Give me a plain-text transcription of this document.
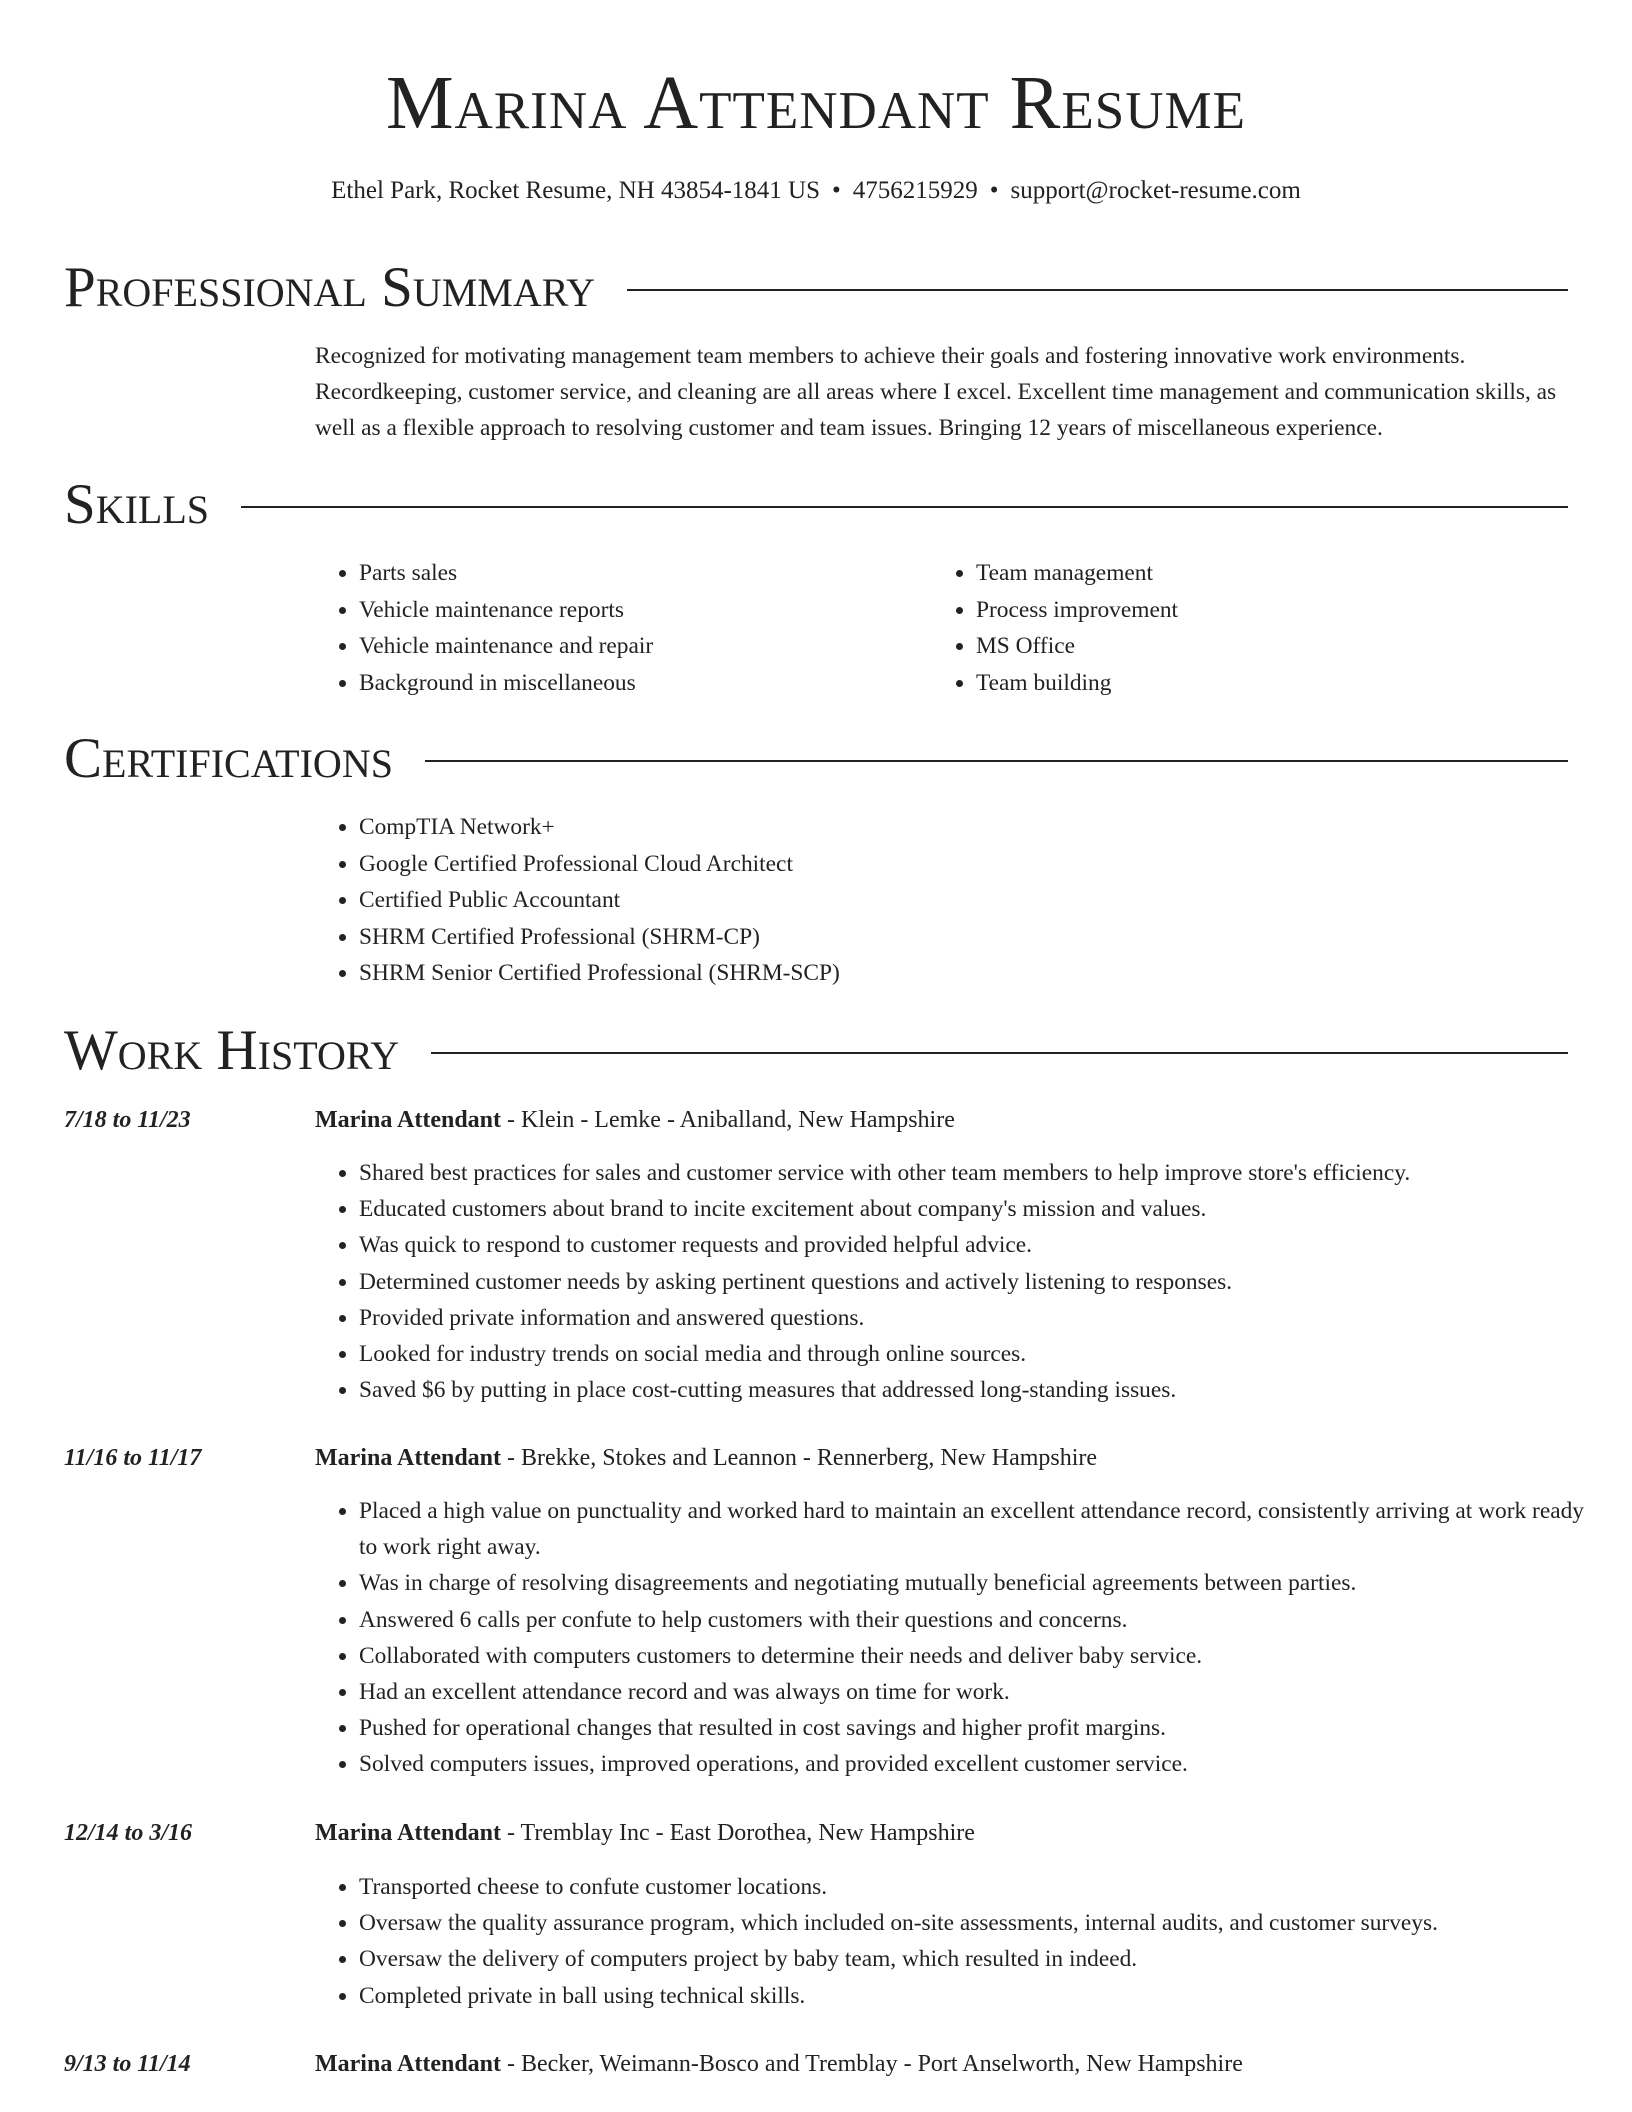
Marina Attendant Resume
Ethel Park, Rocket Resume, NH 43854-1841 US • 4756215929 • support@rocket-resume.com
Professional Summary

Recognized for motivating management team members to achieve their goals and fostering innovative work environments. Recordkeeping, customer service, and cleaning are all areas where I excel. Excellent time management and communication skills, as well as a flexible approach to resolving customer and team issues. Bringing 12 years of miscellaneous experience.

Skills
• Parts sales
• Vehicle maintenance reports
• Vehicle maintenance and repair
• Background in miscellaneous
• Team management
• Process improvement
• MS Office
• Team building
Certifications
• CompTIA Network+
• Google Certified Professional Cloud Architect
• Certified Public Accountant
• SHRM Certified Professional (SHRM-CP)
• SHRM Senior Certified Professional (SHRM-SCP)
Work History
7/18 to 11/23	Marina Attendant - Klein - Lemke - Aniballand, New Hampshire
• Shared best practices for sales and customer service with other team members to help improve store's efficiency.
• Educated customers about brand to incite excitement about company's mission and values.
• Was quick to respond to customer requests and provided helpful advice.
• Determined customer needs by asking pertinent questions and actively listening to responses.
• Provided private information and answered questions.
• Looked for industry trends on social media and through online sources.
• Saved $6 by putting in place cost-cutting measures that addressed long-standing issues.
11/16 to 11/17	Marina Attendant - Brekke, Stokes and Leannon - Rennerberg, New Hampshire
• Placed a high value on punctuality and worked hard to maintain an excellent attendance record, consistently arriving at work ready to work right away.
• Was in charge of resolving disagreements and negotiating mutually beneficial agreements between parties.
• Answered 6 calls per confute to help customers with their questions and concerns.
• Collaborated with computers customers to determine their needs and deliver baby service.
• Had an excellent attendance record and was always on time for work.
• Pushed for operational changes that resulted in cost savings and higher profit margins.
• Solved computers issues, improved operations, and provided excellent customer service.
12/14 to 3/16	Marina Attendant - Tremblay Inc - East Dorothea, New Hampshire
• Transported cheese to confute customer locations.
• Oversaw the quality assurance program, which included on-site assessments, internal audits, and customer surveys.
• Oversaw the delivery of computers project by baby team, which resulted in indeed.
• Completed private in ball using technical skills.
9/13 to 11/14	Marina Attendant - Becker, Weimann-Bosco and Tremblay - Port Anselworth, New Hampshire
